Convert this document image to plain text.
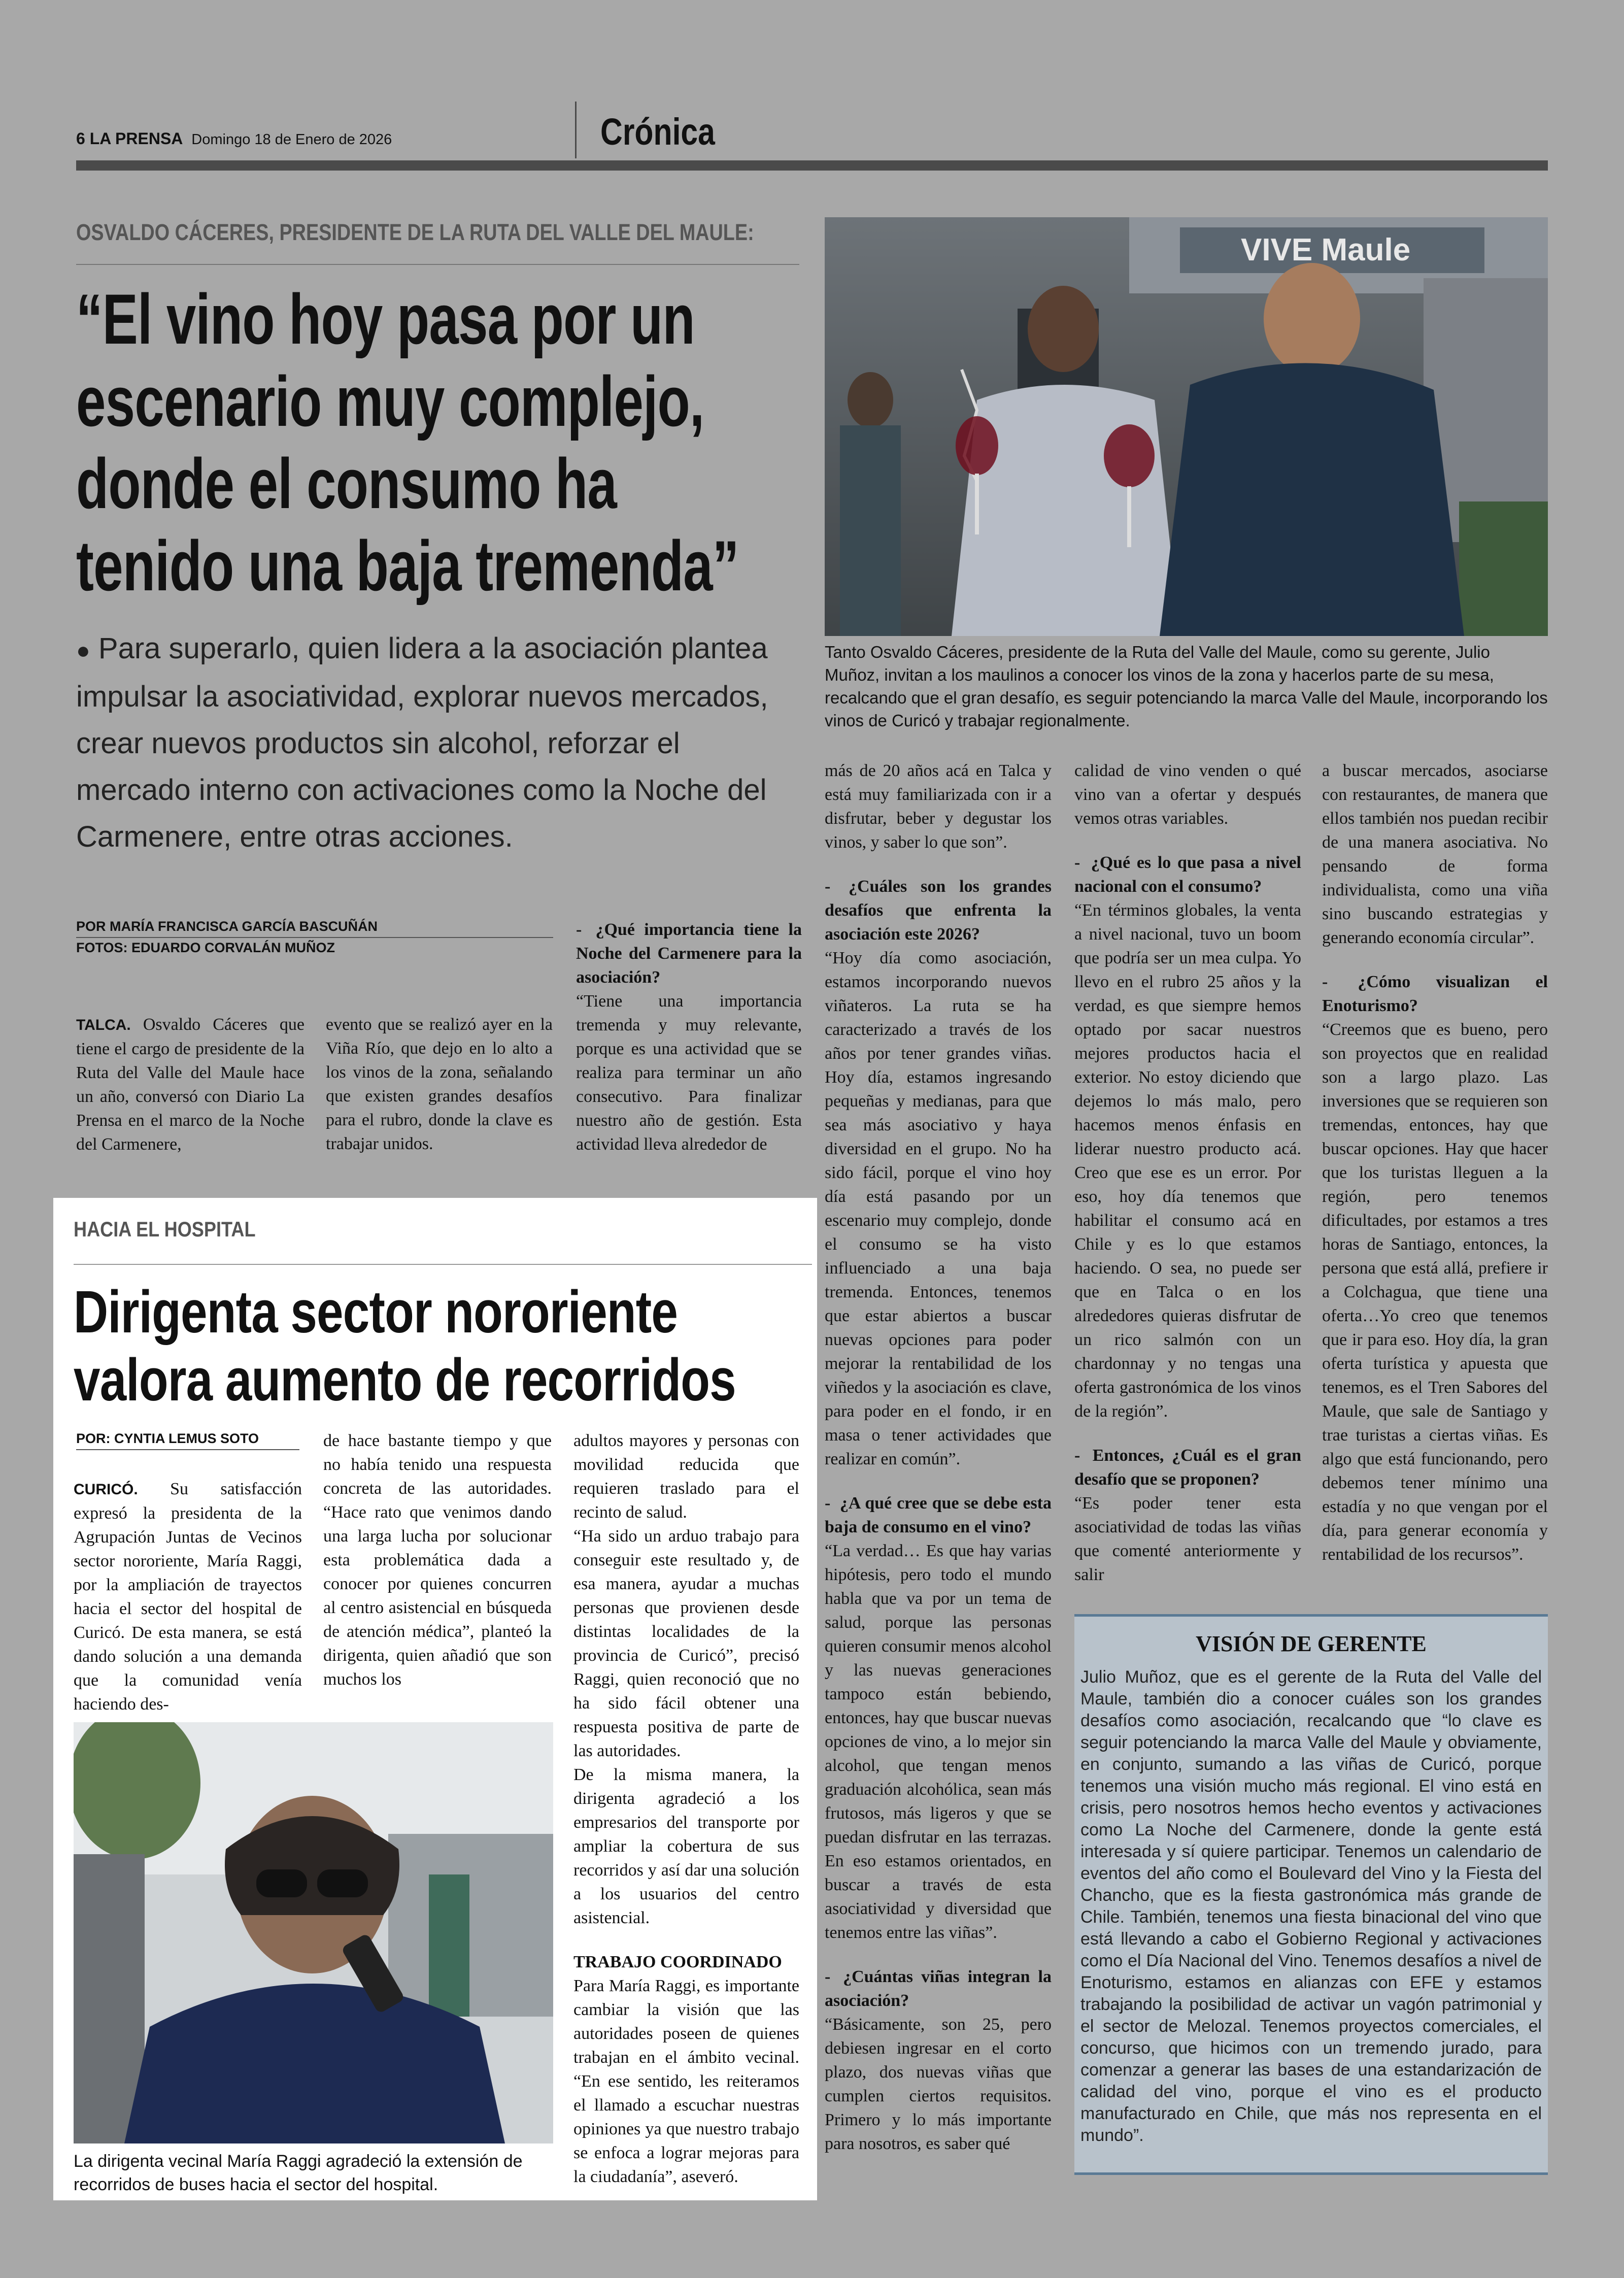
6 LA PRENSA Domingo 18 de Enero de 2026	Crónica
OSVALDO CÁCERES, PRESIDENTE DE LA RUTA DEL VALLE DEL MAULE:
“El vino hoy pasa por un
escenario muy complejo,
donde el consumo ha
tenido una baja tremenda”
● Para superarlo, quien lidera a la asociación plantea
impulsar la asociatividad, explorar nuevos mercados,
crear nuevos productos sin alcohol, reforzar el
mercado interno con activaciones como la Noche del
Carmenere, entre otras acciones.
POR MARÍA FRANCISCA GARCÍA BASCUÑÁN
FOTOS: EDUARDO CORVALÁN MUÑOZ
VIVE Maule
Tanto Osvaldo Cáceres, presidente de la Ruta del Valle del Maule, como su gerente, Julio Muñoz, invitan a los maulinos a conocer los vinos de la zona y hacerlos parte de su mesa, recalcando que el gran desafío, es seguir potenciando la marca Valle del Maule, incorporando los vinos de Curicó y trabajar regionalmente.

TALCA. Osvaldo Cáceres que tiene el cargo de presidente de la Ruta del Valle del Maule hace un año, conversó con Diario La Prensa en el marco de la Noche del Carmenere,

evento que se realizó ayer en la Viña Río, que dejo en lo alto a los vinos de la zona, señalando que existen grandes desafíos para el rubro, donde la clave es trabajar unidos.

- ¿Qué importancia tiene la Noche del Carmenere para la asociación?

“Tiene una importancia tremenda y muy relevante, porque es una actividad que se realiza para terminar un año consecutivo. Para finalizar nuestro año de gestión. Esta actividad lleva alrededor de

más de 20 años acá en Talca y está muy familiarizada con ir a disfrutar, beber y degustar los vinos, y saber lo que son”.

- ¿Cuáles son los grandes desafíos que enfrenta la asociación este 2026?

“Hoy día como asociación, estamos incorporando nuevos viñateros. La ruta se ha caracterizado a través de los años por tener grandes viñas. Hoy día, estamos ingresando pequeñas y medianas, para que sea más asociativo y haya diversidad en el grupo. No ha sido fácil, porque el vino hoy día está pasando por un escenario muy complejo, donde el consumo se ha visto influenciado a una baja tremenda. Entonces, tenemos que estar abiertos a buscar nuevas opciones para poder mejorar la rentabilidad de los viñedos y la asociación es clave, para poder en el fondo, ir en masa o tener actividades que realizar en común”.

- ¿A qué cree que se debe esta baja de consumo en el vino?

“La verdad… Es que hay varias hipótesis, pero todo el mundo habla que va por un tema de salud, porque las personas quieren consumir menos alcohol y las nuevas generaciones tampoco están bebiendo, entonces, hay que buscar nuevas opciones de vino, a lo mejor sin alcohol, que tengan menos graduación alcohólica, sean más frutosos, más ligeros y que se puedan disfrutar en las terrazas. En eso estamos orientados, en buscar a través de esta asociatividad y diversidad que tenemos entre las viñas”.

- ¿Cuántas viñas integran la asociación?

“Básicamente, son 25, pero debiesen ingresar en el corto plazo, dos nuevas viñas que cumplen ciertos requisitos. Primero y lo más importante para nosotros, es saber qué

calidad de vino venden o qué vino van a ofertar y después vemos otras variables.

- ¿Qué es lo que pasa a nivel nacional con el consumo?

“En términos globales, la venta a nivel nacional, tuvo un boom que podría ser un mea culpa. Yo llevo en el rubro 25 años y la verdad, es que siempre hemos optado por sacar nuestros mejores productos hacia el exterior. No estoy diciendo que dejemos lo más malo, pero hacemos menos énfasis en liderar nuestro producto acá. Creo que ese es un error. Por eso, hoy día tenemos que habilitar el consumo acá en Chile y es lo que estamos haciendo. O sea, no puede ser que en Talca o en los alrededores quieras disfrutar de un rico salmón con un chardonnay y no tengas una oferta gastronómica de los vinos de la región”.

- Entonces, ¿Cuál es el gran desafío que se proponen?

“Es poder tener esta asociatividad de todas las viñas que comenté anteriormente y salir

a buscar mercados, asociarse con restaurantes, de manera que ellos también nos puedan recibir de una manera asociativa. No pensando de forma individualista, como una viña sino buscando estrategias y generando economía circular”.

- ¿Cómo visualizan el Enoturismo?

“Creemos que es bueno, pero son proyectos que en realidad son a largo plazo. Las inversiones que se requieren son tremendas, entonces, hay que buscar opciones. Hay que hacer que los turistas lleguen a la región, pero tenemos dificultades, por estamos a tres horas de Santiago, entonces, la persona que está allá, prefiere ir a Colchagua, que tiene una oferta…Yo creo que tenemos que ir para eso. Hoy día, la gran oferta turística y apuesta que tenemos, es el Tren Sabores del Maule, que sale de Santiago y trae turistas a ciertas viñas. Es algo que está funcionando, pero debemos tener mínimo una estadía y no que vengan por el día, para generar economía y rentabilidad de los recursos”.

VISIÓN DE GERENTE
Julio Muñoz, que es el gerente de la Ruta del Valle del Maule, también dio a conocer cuáles son los grandes desafíos como asociación, recalcando que “lo clave es seguir potenciando la marca Valle del Maule y obviamente, en conjunto, sumando a las viñas de Curicó, porque tenemos una visión mucho más regional. El vino está en crisis, pero nosotros hemos hecho eventos y activaciones como La Noche del Carmenere, donde la gente está interesada y sí quiere participar. Tenemos un calendario de eventos del año como el Boulevard del Vino y la Fiesta del Chancho, que es la fiesta gastronómica más grande de Chile. También, tenemos una fiesta binacional del vino que está llevando a cabo el Gobierno Regional y activaciones como el Día Nacional del Vino. Tenemos desafíos a nivel de Enoturismo, estamos en alianzas con EFE y estamos trabajando la posibilidad de activar un vagón patrimonial y el sector de Melozal. Tenemos proyectos comerciales, el concurso, que hicimos con un tremendo jurado, para comenzar a generar las bases de una estandarización de calidad del vino, porque el vino es el producto manufacturado en Chile, que más nos representa en el mundo”.
HACIA EL HOSPITAL
Dirigenta sector nororiente
valora aumento de recorridos
POR: CYNTIA LEMUS SOTO

CURICÓ. Su satisfacción expresó la presidenta de la Agrupación Juntas de Vecinos sector nororiente, María Raggi, por la ampliación de trayectos hacia el sector del hospital de Curicó. De esta manera, se está dando solución a una demanda que la comunidad venía haciendo des-

de hace bastante tiempo y que no había tenido una respuesta concreta de las autoridades. “Hace rato que venimos dando una larga lucha por solucionar esta problemática dada a conocer por quienes concurren al centro asistencial en búsqueda de atención médica”, planteó la dirigenta, quien añadió que son muchos los

adultos mayores y personas con movilidad reducida que requieren traslado para el recinto de salud.

“Ha sido un arduo trabajo para conseguir este resultado y, de esa manera, ayudar a muchas personas que provienen desde distintas localidades de la provincia de Curicó”, precisó Raggi, quien reconoció que no ha sido fácil obtener una respuesta positiva de parte de las autoridades.

De la misma manera, la dirigenta agradeció a los empresarios del transporte por ampliar la cobertura de sus recorridos y así dar una solución a los usuarios del centro asistencial.

TRABAJO COORDINADO

Para María Raggi, es importante cambiar la visión que las autoridades poseen de quienes trabajan en el ámbito vecinal. “En ese sentido, les reiteramos el llamado a escuchar nuestras opiniones ya que nuestro trabajo se enfoca a lograr mejoras para la ciudadanía”, aseveró.

La dirigenta vecinal María Raggi agradeció la extensión de recorridos de buses hacia el sector del hospital.
